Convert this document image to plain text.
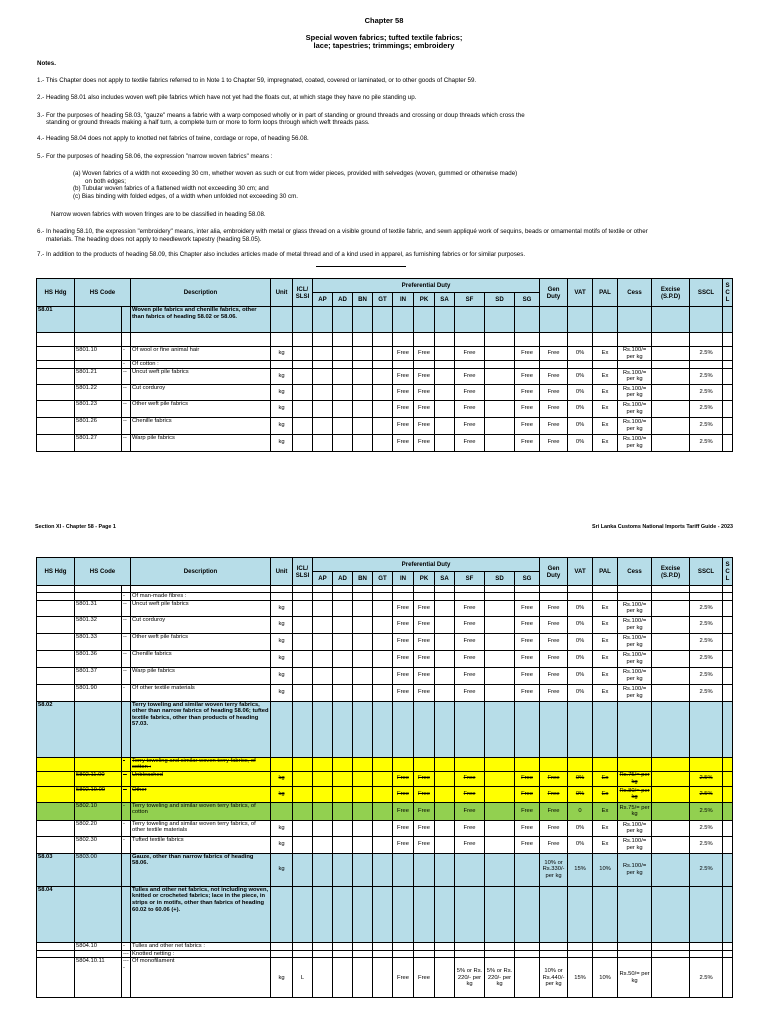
Chapter 58
Special woven fabrics; tufted textile fabrics;
lace; tapestries; trimmings; embroidery

Notes.

1.- This Chapter does not apply to textile fabrics referred to in Note 1 to Chapter 59, impregnated, coated, covered or laminated, or to other goods of Chapter 59.

2.- Heading 58.01 also includes woven weft pile fabrics which have not yet had the floats cut, at which stage they have no pile standing up.

3.- For the purposes of heading 58.03, "gauze" means a fabric with a warp composed wholly or in part of standing or ground threads and crossing or doup threads which cross the

standing or ground threads making a half turn, a complete turn or more to form loops through which weft threads pass.

4.- Heading 58.04 does not apply to knotted net fabrics of twine, cordage or rope, of heading 56.08.

5.- For the purposes of heading 58.06, the expression "narrow woven fabrics" means :

(a) Woven fabrics of a width not exceeding 30 cm, whether woven as such or cut from wider pieces, provided with selvedges (woven, gummed or otherwise made)

on both edges;

(b) Tubular woven fabrics of a flattened width not exceeding 30 cm; and

(c) Bias binding with folded edges, of a width when unfolded not exceeding 30 cm.

Narrow woven fabrics with woven fringes are to be classified in heading 58.08.

6.- In heading 58.10, the expression "embroidery" means, inter alia, embroidery with metal or glass thread on a visible ground of textile fabric, and sewn appliqué work of sequins, beads or ornamental motifs of textile or other

materials. The heading does not apply to needlework tapestry (heading 58.05).

7.- In addition to the products of heading 58.09, this Chapter also includes articles made of metal thread and of a kind used in apparel, as furnishing fabrics or for similar purposes.

HS Hdg	HS Code		Description	Unit	ICL/ SLSI	Preferential Duty										Gen Duty	VAT	PAL	Cess	Excise (S.P.D)	SSCL	S C L
						AP	AD	BN	GT	IN	PK	SA	SF	SD	SG							
58.01			Woven pile fabrics and chenille fabrics, other than fabrics of heading 58.02 or 58.06.																			

	5801.10	-	Of wool or fine animal hair	kg						Free	Free		Free		Free	Free	0%	Ex	Rs.100/= per kg		2.5%	
		-	Of cotton :																			
	5801.21	--	Uncut weft pile fabrics	kg						Free	Free		Free		Free	Free	0%	Ex	Rs.100/= per kg		2.5%	
	5801.22	--	Cut corduroy	kg						Free	Free		Free		Free	Free	0%	Ex	Rs.100/= per kg		2.5%	
	5801.23	--	Other weft pile fabrics	kg						Free	Free		Free		Free	Free	0%	Ex	Rs.100/= per kg		2.5%	
	5801.26	--	Chenille fabrics	kg						Free	Free		Free		Free	Free	0%	Ex	Rs.100/= per kg		2.5%	
	5801.27	--	Warp pile fabrics	kg						Free	Free		Free		Free	Free	0%	Ex	Rs.100/= per kg		2.5%	
Section XI - Chapter 58 - Page 1	Sri Lanka Customs National Imports Tariff Guide - 2023
HS Hdg	HS Code		Description	Unit	ICL/ SLSI	Preferential Duty										Gen Duty	VAT	PAL	Cess	Excise (S.P.D)	SSCL	S C L
						AP	AD	BN	GT	IN	PK	SA	SF	SD	SG							

		-	Of man-made fibres :																			
	5801.31	--	Uncut weft pile fabrics	kg						Free	Free		Free		Free	Free	0%	Ex	Rs.100/= per kg		2.5%	
	5801.32	--	Cut corduroy	kg						Free	Free		Free		Free	Free	0%	Ex	Rs.100/= per kg		2.5%	
	5801.33	--	Other weft pile fabrics	kg						Free	Free		Free		Free	Free	0%	Ex	Rs.100/= per kg		2.5%	
	5801.36	--	Chenille fabrics	kg						Free	Free		Free		Free	Free	0%	Ex	Rs.100/= per kg		2.5%	
	5801.37	--	Warp pile fabrics	kg						Free	Free		Free		Free	Free	0%	Ex	Rs.100/= per kg		2.5%	
	5801.90	-	Of other textile materials	kg						Free	Free		Free		Free	Free	0%	Ex	Rs.100/= per kg		2.5%	
58.02			Terry toweling and similar woven terry fabrics, other than narrow fabrics of heading 58.06; tufted textile fabrics, other than products of heading 57.03.																			
		-	Terry toweling and similar woven terry fabrics, of cotton :																			
	5802.11.00	--	Unbleached	kg						Free	Free		Free		Free	Free	0%	Ex	Rs.75/= per kg		2.5%	
	5802.19.00	--	Other	kg						Free	Free		Free		Free	Free	0%	Ex	Rs.80/= per kg		2.5%	
	5802.10	-	Terry toweling and similar woven terry fabrics, of cotton							Free	Free		Free		Free	Free	0	Ex	Rs.75/= per kg		2.5%	
	5802.20	-	Terry toweling and similar woven terry fabrics, of other textile materials	kg						Free	Free		Free		Free	Free	0%	Ex	Rs.100/= per kg		2.5%	
	5802.30	-	Tufted textile fabrics	kg						Free	Free		Free		Free	Free	0%	Ex	Rs.100/= per kg		2.5%	
58.03	5803.00		Gauze, other than narrow fabrics of heading 58.06.	kg												10% or Rs.330/- per kg	15%	10%	Rs.100/= per kg		2.5%	
58.04			Tulles and other net fabrics, not including woven, knitted or crocheted fabrics; lace in the piece, in strips or in motifs, other than fabrics of heading 60.02 to 60.06 (+).																			
	5804.10	-	Tulles and other net fabrics :																			
		---	Knotted netting :																			
	5804.10.11	----	Of monofilament	kg	L					Free	Free		5% or Rs. 220/- per kg	5% or Rs. 220/- per kg		10% or Rs.440/- per kg	15%	10%	Rs.50/= per kg		2.5%	
